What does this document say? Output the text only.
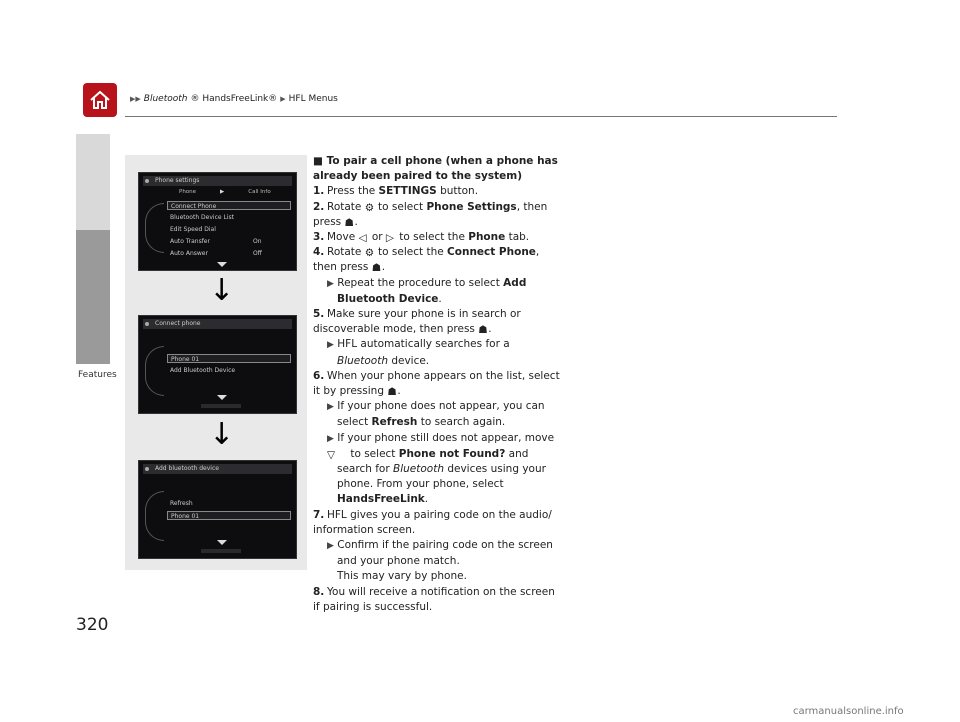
▶▶ Bluetooth ® HandsFreeLink® ▶ HFL Menus
Features
320
Phone settings
Phone	▶	Call Info
Connect Phone
Bluetooth Device List
Edit Speed Dial
Auto Transfer	On
Auto Answer	Off
↓
Connect phone
Phone 01
Add Bluetooth Device
↓
Add bluetooth device
Refresh
Phone 01

■ To pair a cell phone (when a phone has already been paired to the system)

1. Press the SETTINGS button.

2. Rotate ⚙ to select Phone Settings, then press ☗.

3. Move ◁ or ▷ to select the Phone tab.

4. Rotate ⚙ to select the Connect Phone, then press ☗.

▶ Repeat the procedure to select Add Bluetooth Device.

5. Make sure your phone is in search or discoverable mode, then press ☗.

▶ HFL automatically searches for a Bluetooth device.

6. When your phone appears on the list, select it by pressing ☗.

▶ If your phone does not appear, you can select Refresh to search again.

▶ If your phone still does not appear, move ▽ to select Phone not Found? and search for Bluetooth devices using your phone. From your phone, select HandsFreeLink.

7. HFL gives you a pairing code on the audio/ information screen.

▶ Confirm if the pairing code on the screen and your phone match.
This may vary by phone.

8. You will receive a notification on the screen if pairing is successful.

carmanualsonline.info
